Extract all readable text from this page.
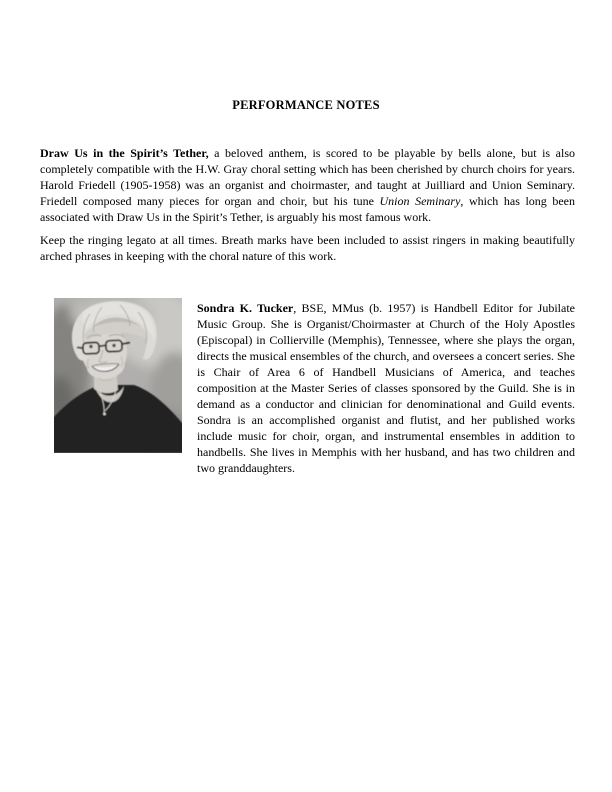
PERFORMANCE NOTES

Draw Us in the Spirit’s Tether, a beloved anthem, is scored to be playable by bells alone, but is also completely compatible with the H.W. Gray choral setting which has been cherished by church choirs for years. Harold Friedell (1905-1958) was an organist and choirmaster, and taught at Juilliard and Union Seminary. Friedell composed many pieces for organ and choir, but his tune Union Seminary, which has long been associated with Draw Us in the Spirit’s Tether, is arguably his most famous work.

Keep the ringing legato at all times. Breath marks have been included to assist ringers in making beautifully arched phrases in keeping with the choral nature of this work.

Sondra K. Tucker, BSE, MMus (b. 1957) is Handbell Editor for Jubilate Music Group. She is Organist/Choirmaster at Church of the Holy Apostles (Episcopal) in Collierville (Memphis), Tennessee, where she plays the organ, directs the musical ensembles of the church, and oversees a concert series. She is Chair of Area 6 of Handbell Musicians of America, and teaches composition at the Master Series of classes sponsored by the Guild. She is in demand as a conductor and clinician for denominational and Guild events. Sondra is an accomplished organist and flutist, and her published works include music for choir, organ, and instrumental ensembles in addition to handbells. She lives in Memphis with her husband, and has two children and two granddaughters.
